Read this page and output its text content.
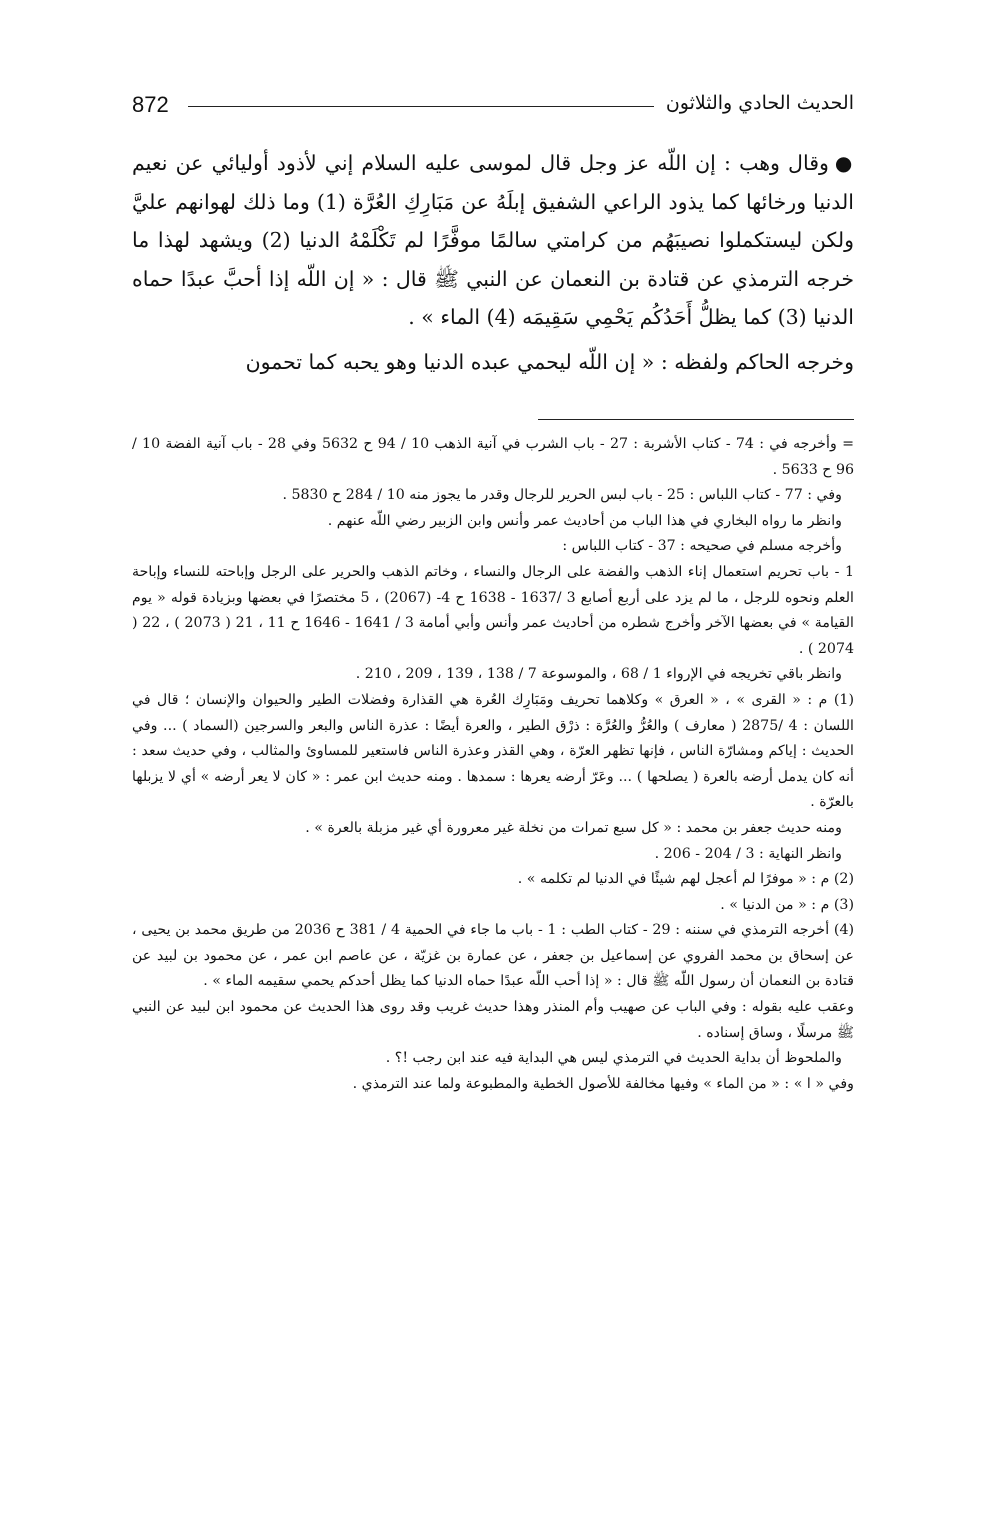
872	الحديث الحادي والثلاثون

●وقال وهب : إن اللّه عز وجل قال لموسى عليه السلام إني لأذود أوليائي عن نعيم الدنيا ورخائها كما يذود الراعي الشفيق إبلَهُ عن مَبَارِكِ العُرَّة (1) وما ذلك لهوانهم عليَّ ولكن ليستكملوا نصيبَهُم من كرامتي سالمًا موفَّرًا لم تَكْلَمْهُ الدنيا (2) ويشهد لهذا ما خرجه الترمذي عن قتادة بن النعمان عن النبي ﷺ قال : « إن اللّه إذا أحبَّ عبدًا حماه الدنيا (3) كما يظلُّ أَحَدُكُم يَحْمِي سَقِيمَه (4) الماء » .

وخرجه الحاكم ولفظه : « إن اللّه ليحمي عبده الدنيا وهو يحبه كما تحمون

= وأخرجه في : 74 - كتاب الأشربة : 27 - باب الشرب في آنية الذهب 10 / 94 ح 5632 وفي 28 - باب آنية الفضة 10 / 96 ح 5633 .

وفي : 77 - كتاب اللباس : 25 - باب لبس الحرير للرجال وقدر ما يجوز منه 10 / 284 ح 5830 .

وانظر ما رواه البخاري في هذا الباب من أحاديث عمر وأنس وابن الزبير رضي اللّه عنهم .

وأخرجه مسلم في صحيحه : 37 - كتاب اللباس :

1 - باب تحريم استعمال إناء الذهب والفضة على الرجال والنساء ، وخاتم الذهب والحرير على الرجل وإباحته للنساء وإباحة العلم ونحوه للرجل ، ما لم يزد على أربع أصابع 3 /1637 - 1638 ح 4- (2067) ، 5 مختصرًا في بعضها وبزيادة قوله « يوم القيامة » في بعضها الآخر وأخرج شطره من أحاديث عمر وأنس وأبي أمامة 3 / 1641 - 1646 ح 11 ، 21 ( 2073 ) ، 22 ( 2074 ) .

وانظر باقي تخريجه في الإرواء 1 / 68 ، والموسوعة 7 / 138 ، 139 ، 209 ، 210 .

(1) م : « القرى » ، « العرق » وكلاهما تحريف ومَبَارِك العُرة هي القذارة وفضلات الطير والحيوان والإنسان ؛ قال في اللسان : 4 /2875 ( معارف ) والعُرُّ والعُرَّة : ذرْق الطير ، والعرة أيضًا : عذرة الناس والبعر والسرجين (السماد ) ... وفي الحديث : إياكم ومشارّة الناس ، فإنها تظهر العرّة ، وهي القذر وعذرة الناس فاستعير للمساوئ والمثالب ، وفي حديث سعد : أنه كان يدمل أرضه بالعرة ( يصلحها ) ... وعَرّ أرضه يعرها : سمدها . ومنه حديث ابن عمر : « كان لا يعر أرضه » أي لا يزبلها بالعرّة .

ومنه حديث جعفر بن محمد : « كل سبع تمرات من نخلة غير معرورة أي غير مزبلة بالعرة » .

وانظر النهاية : 3 / 204 - 206 .

(2) م : « موفرًا لم أعجل لهم شيئًا في الدنيا لم تكلمه » .

(3) م : « من الدنيا » .

(4) أخرجه الترمذي في سننه : 29 - كتاب الطب : 1 - باب ما جاء في الحمية 4 / 381 ح 2036 من طريق محمد بن يحيى ، عن إسحاق بن محمد الفروي عن إسماعيل بن جعفر ، عن عمارة بن غزيّة ، عن عاصم ابن عمر ، عن محمود بن لبيد عن قتادة بن النعمان أن رسول اللّه ﷺ قال : « إذا أحب اللّه عبدًا حماه الدنيا كما يظل أحدكم يحمي سقيمه الماء » .

وعقب عليه بقوله : وفي الباب عن صهيب وأم المنذر وهذا حديث غريب وقد روى هذا الحديث عن محمود ابن لبيد عن النبي ﷺ مرسلًا ، وساق إسناده .

والملحوظ أن بداية الحديث في الترمذي ليس هي البداية فيه عند ابن رجب !؟ .

وفي « ا » : « من الماء » وفيها مخالفة للأصول الخطية والمطبوعة ولما عند الترمذي .
